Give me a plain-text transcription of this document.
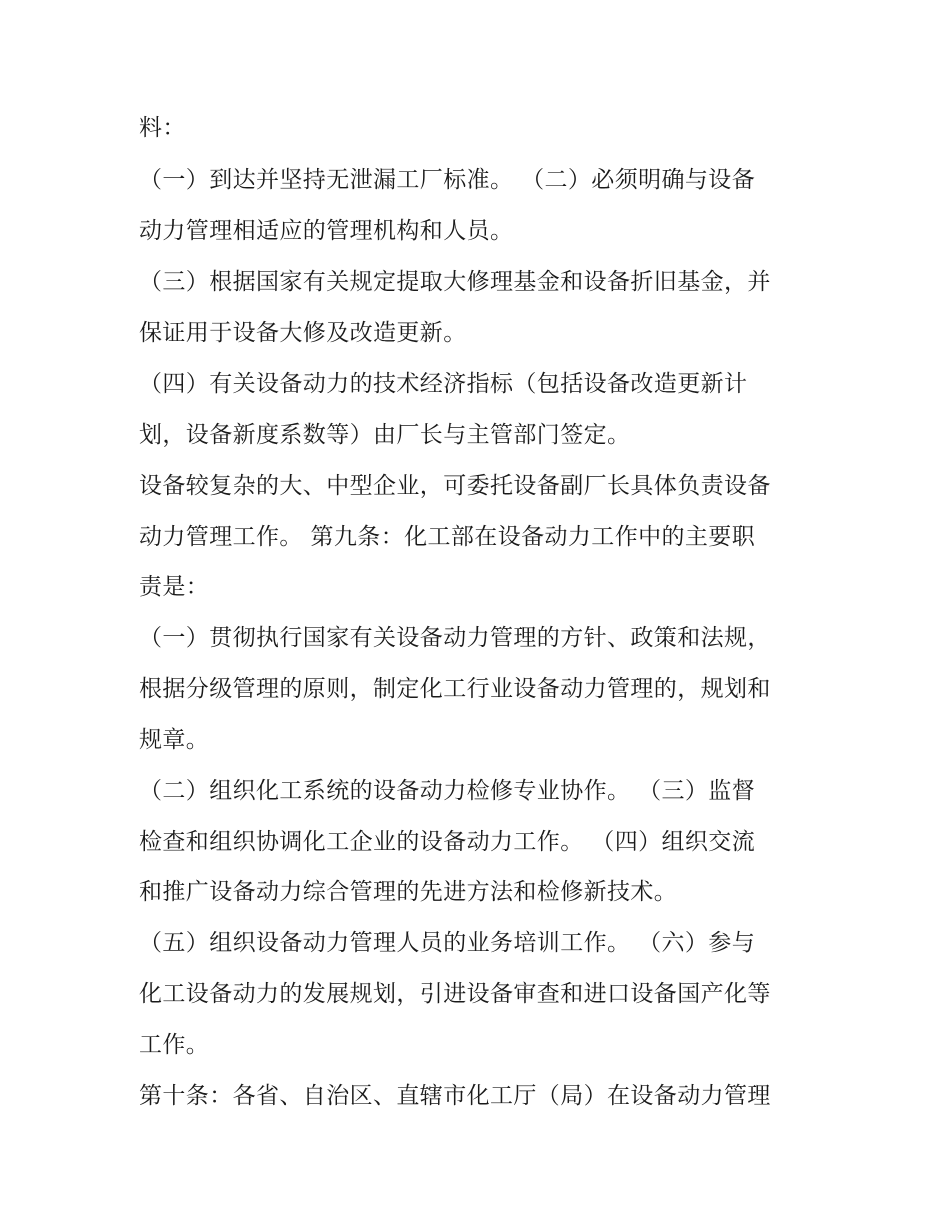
料：

（一）到达并坚持无泄漏工厂标准。 （二）必须明确与设备

动力管理相适应的管理机构和人员。

（三）根据国家有关规定提取大修理基金和设备折旧基金，并

保证用于设备大修及改造更新。

（四）有关设备动力的技术经济指标（包括设备改造更新计

划，设备新度系数等）由厂长与主管部门签定。

设备较复杂的大、中型企业，可委托设备副厂长具体负责设备

动力管理工作。 第九条：化工部在设备动力工作中的主要职

责是：

（一）贯彻执行国家有关设备动力管理的方针、政策和法规，

根据分级管理的原则，制定化工行业设备动力管理的，规划和

规章。

（二）组织化工系统的设备动力检修专业协作。 （三）监督

检查和组织协调化工企业的设备动力工作。 （四）组织交流

和推广设备动力综合管理的先进方法和检修新技术。

（五）组织设备动力管理人员的业务培训工作。 （六）参与

化工设备动力的发展规划，引进设备审查和进口设备国产化等

工作。

第十条：各省、自治区、直辖市化工厅（局）在设备动力管理
